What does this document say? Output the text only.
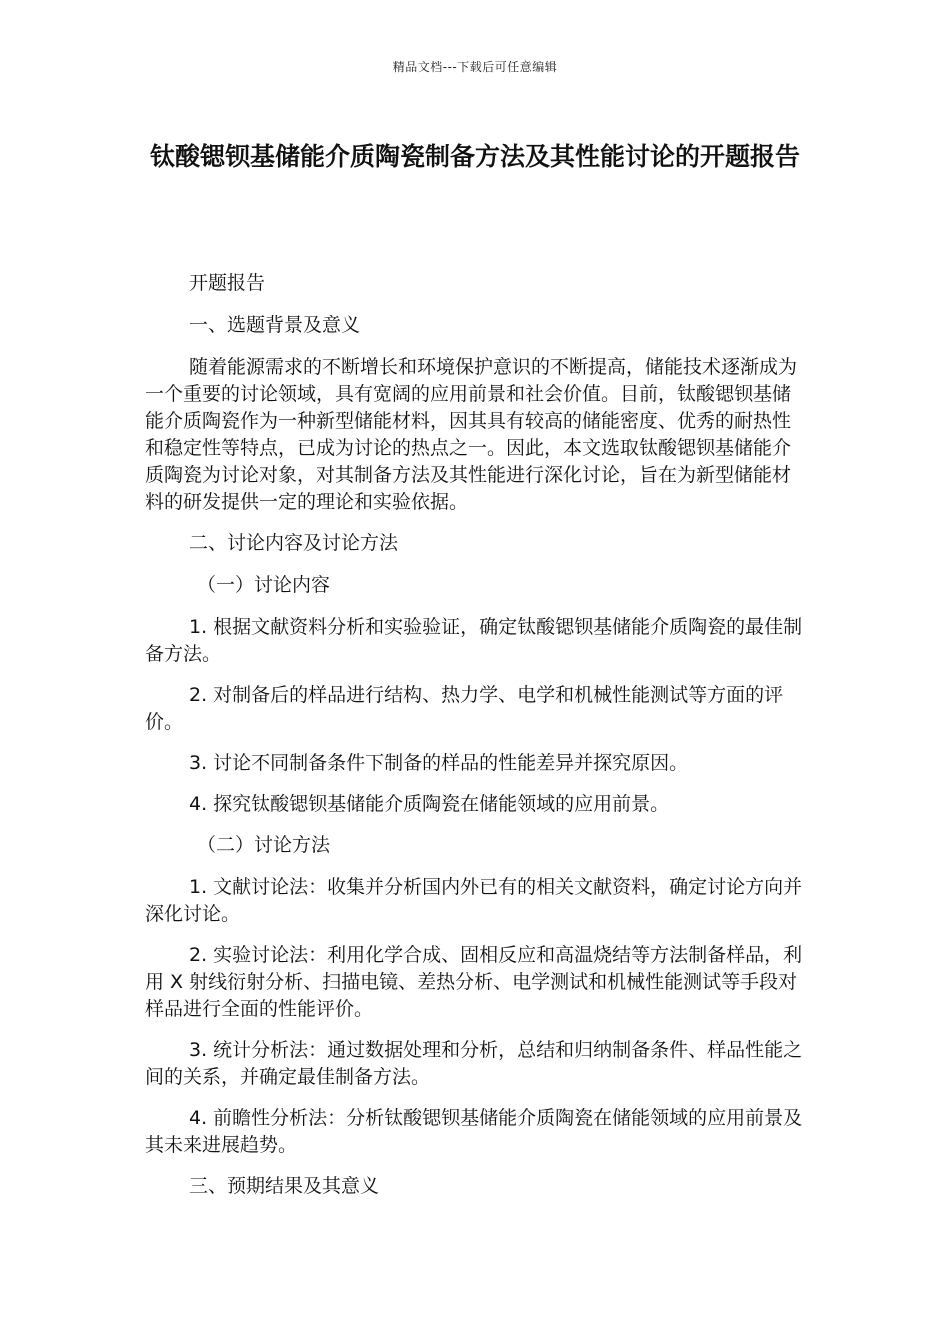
精品文档---下载后可任意编辑
钛酸锶钡基储能介质陶瓷制备方法及其性能讨论的开题报告

开题报告

一、选题背景及意义

随着能源需求的不断增长和环境保护意识的不断提高，储能技术逐渐成为一个重要的讨论领域，具有宽阔的应用前景和社会价值。目前，钛酸锶钡基储能介质陶瓷作为一种新型储能材料，因其具有较高的储能密度、优秀的耐热性和稳定性等特点，已成为讨论的热点之一。因此，本文选取钛酸锶钡基储能介质陶瓷为讨论对象，对其制备方法及其性能进行深化讨论，旨在为新型储能材料的研发提供一定的理论和实验依据。

二、讨论内容及讨论方法

（一）讨论内容

1. 根据文献资料分析和实验验证，确定钛酸锶钡基储能介质陶瓷的最佳制备方法。

2. 对制备后的样品进行结构、热力学、电学和机械性能测试等方面的评价。

3. 讨论不同制备条件下制备的样品的性能差异并探究原因。

4. 探究钛酸锶钡基储能介质陶瓷在储能领域的应用前景。

（二）讨论方法

1. 文献讨论法：收集并分析国内外已有的相关文献资料，确定讨论方向并深化讨论。

2. 实验讨论法：利用化学合成、固相反应和高温烧结等方法制备样品，利用 X 射线衍射分析、扫描电镜、差热分析、电学测试和机械性能测试等手段对样品进行全面的性能评价。

3. 统计分析法：通过数据处理和分析，总结和归纳制备条件、样品性能之间的关系，并确定最佳制备方法。

4. 前瞻性分析法：分析钛酸锶钡基储能介质陶瓷在储能领域的应用前景及其未来进展趋势。

三、预期结果及其意义
